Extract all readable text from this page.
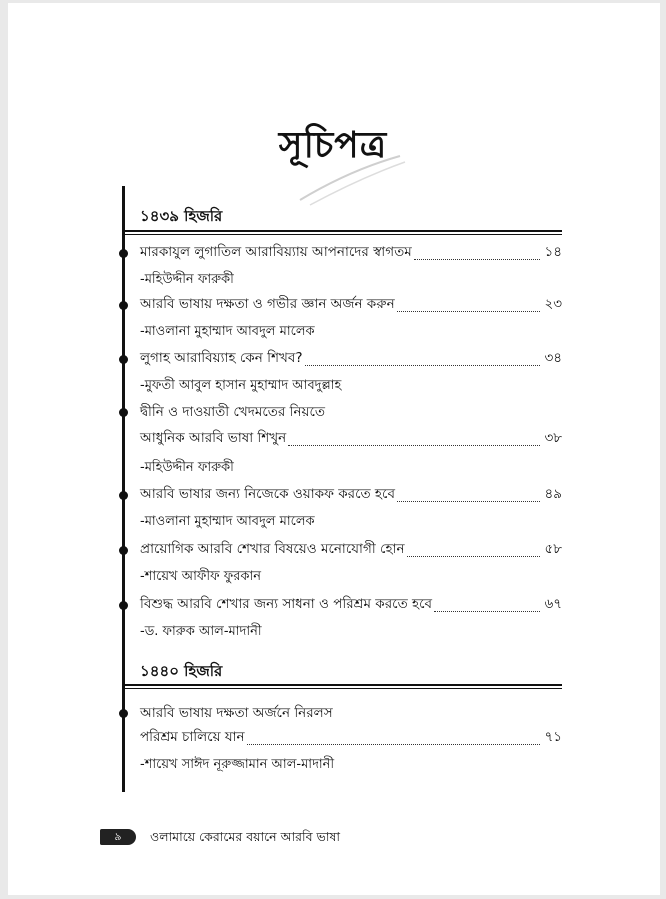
সূচিপত্র
১৪৩৯ হিজরি
মারকাযুল লুগাতিল আরাবিয়্যায় আপনাদের স্বাগতম	১৪
-মহিউদ্দীন ফারুকী
আরবি ভাষায় দক্ষতা ও গভীর জ্ঞান অর্জন করুন	২৩
-মাওলানা মুহাম্মাদ আবদুল মালেক
লুগাহ আরাবিয়্যাহ কেন শিখব?	৩৪
-মুফতী আবুল হাসান মুহাম্মাদ আবদুল্লাহ
দ্বীনি ও দাওয়াতী খেদমতের নিয়তে
আধুনিক আরবি ভাষা শিখুন	৩৮
-মহিউদ্দীন ফারুকী
আরবি ভাষার জন্য নিজেকে ওয়াকফ করতে হবে	৪৯
-মাওলানা মুহাম্মাদ আবদুল মালেক
প্রায়োগিক আরবি শেখার বিষয়েও মনোযোগী হোন	৫৮
-শায়েখ আফীফ ফুরকান
বিশুদ্ধ আরবি শেখার জন্য সাধনা ও পরিশ্রম করতে হবে	৬৭
-ড. ফারুক আল-মাদানী
১৪৪০ হিজরি
আরবি ভাষায় দক্ষতা অর্জনে নিরলস
পরিশ্রম চালিয়ে যান	৭১
-শায়েখ সাঈদ নূরুজ্জামান আল-মাদানী
৯	ওলামায়ে কেরামের বয়ানে আরবি ভাষা
